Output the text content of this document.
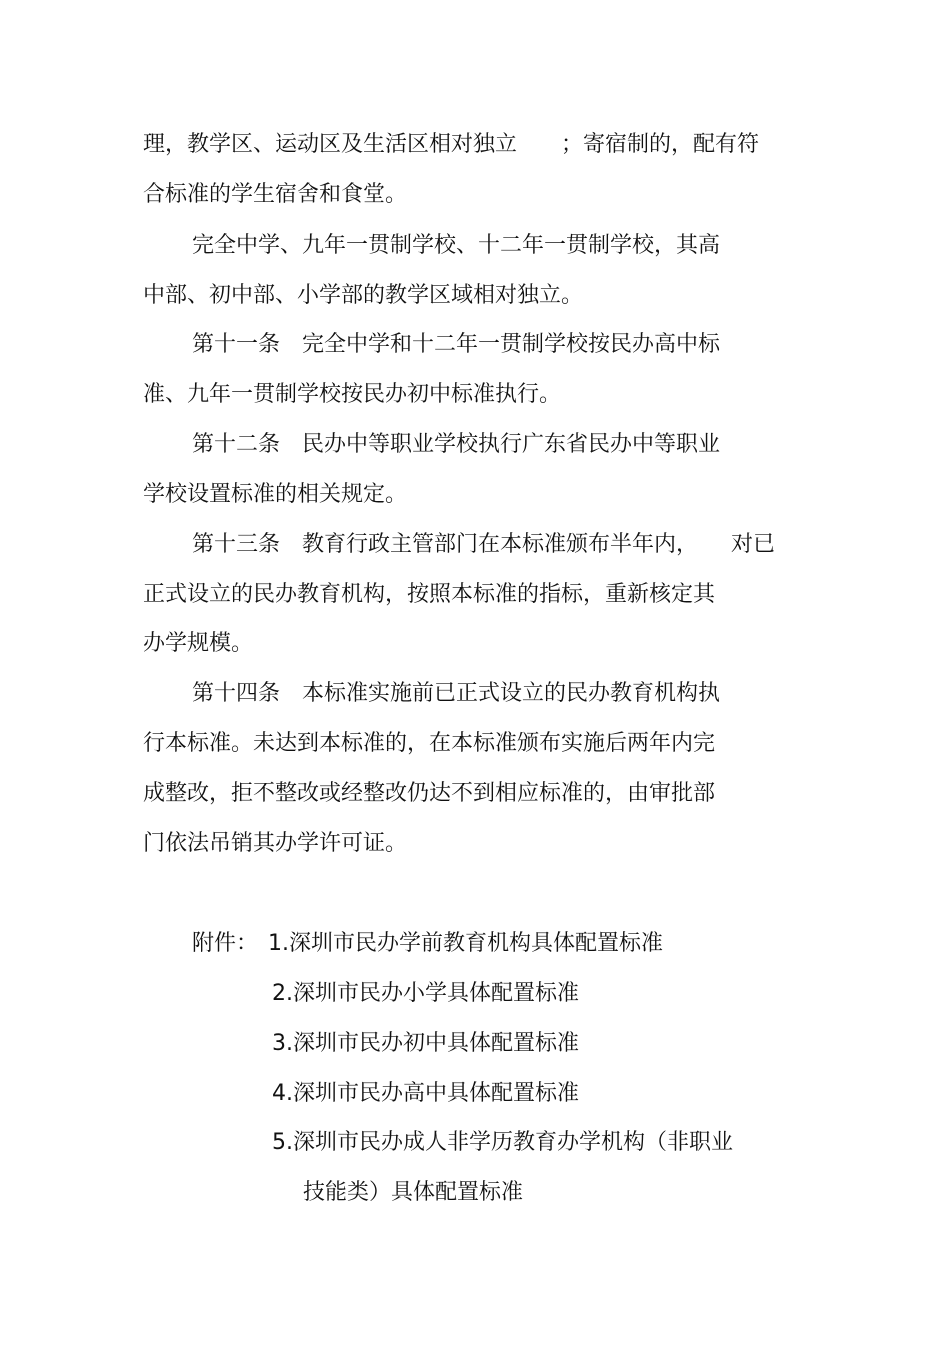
理，教学区、运动区及生活区相对独立　　；寄宿制的，配有符
合标准的学生宿舍和食堂。
完全中学、九年一贯制学校、十二年一贯制学校，其高
中部、初中部、小学部的教学区域相对独立。
第十一条　完全中学和十二年一贯制学校按民办高中标
准、九年一贯制学校按民办初中标准执行。
第十二条　民办中等职业学校执行广东省民办中等职业
学校设置标准的相关规定。
第十三条　教育行政主管部门在本标准颁布半年内，　　对已
正式设立的民办教育机构，按照本标准的指标，重新核定其
办学规模。
第十四条　本标准实施前已正式设立的民办教育机构执
行本标准。未达到本标准的，在本标准颁布实施后两年内完
成整改，拒不整改或经整改仍达不到相应标准的，由审批部
门依法吊销其办学许可证。
附件： 1.深圳市民办学前教育机构具体配置标准
2.深圳市民办小学具体配置标准
3.深圳市民办初中具体配置标准
4.深圳市民办高中具体配置标准
5.深圳市民办成人非学历教育办学机构（非职业
技能类）具体配置标准
